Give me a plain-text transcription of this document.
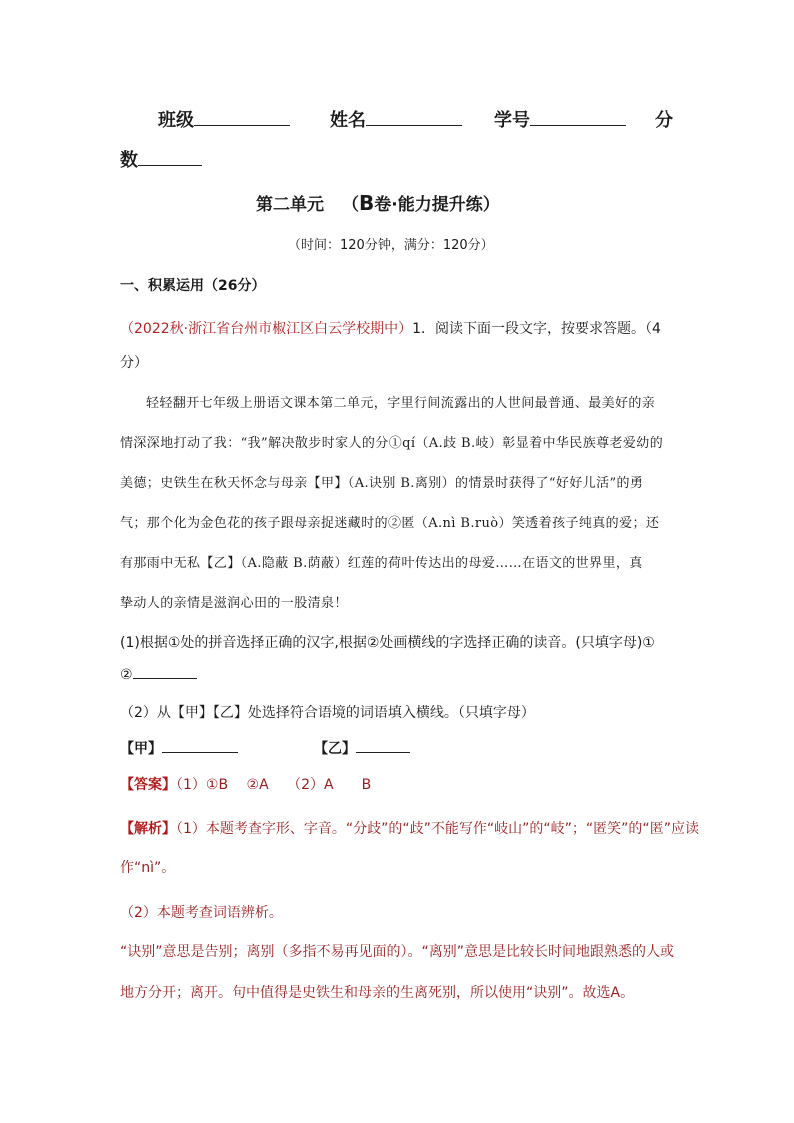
班级	姓名	学号	分
数
第二单元 （B卷·能力提升练）
（时间：120分钟，满分：120分）
一、积累运用（26分）
（2022秋·浙江省台州市椒江区白云学校期中）1．阅读下面一段文字，按要求答题。（4
分）
轻轻翻开七年级上册语文课本第二单元，字里行间流露出的人世间最普通、最美好的亲
情深深地打动了我：“我”解决散步时家人的分①qí（A.歧 B.岐）彰显着中华民族尊老爱幼的
美德；史铁生在秋天怀念与母亲【甲】（A.诀别 B.离别）的情景时获得了“好好儿活”的勇
气；那个化为金色花的孩子跟母亲捉迷藏时的②匿（A.nì B.ruò）笑透着孩子纯真的爱；还
有那雨中无私【乙】（A.隐蔽 B.荫蔽）红莲的荷叶传达出的母爱……在语文的世界里，真
挚动人的亲情是滋润心田的一股清泉！
(1)根据①处的拼音选择正确的汉字,根据②处画横线的字选择正确的读音。(只填字母)①
②
（2）从【甲】【乙】处选择符合语境的词语填入横线。（只填字母）
【甲】	【乙】
【答案】（1）①B　 ②A　 （2）A　　B
【解析】（1）本题考查字形、字音。“分歧”的“歧”不能写作“岐山”的“岐”；“匿笑”的“匿”应读
作“nì”。
（2）本题考查词语辨析。
“诀别”意思是告别；离别（多指不易再见面的）。“离别”意思是比较长时间地跟熟悉的人或
地方分开；离开。句中值得是史铁生和母亲的生离死别，所以使用“诀别”。故选A。
